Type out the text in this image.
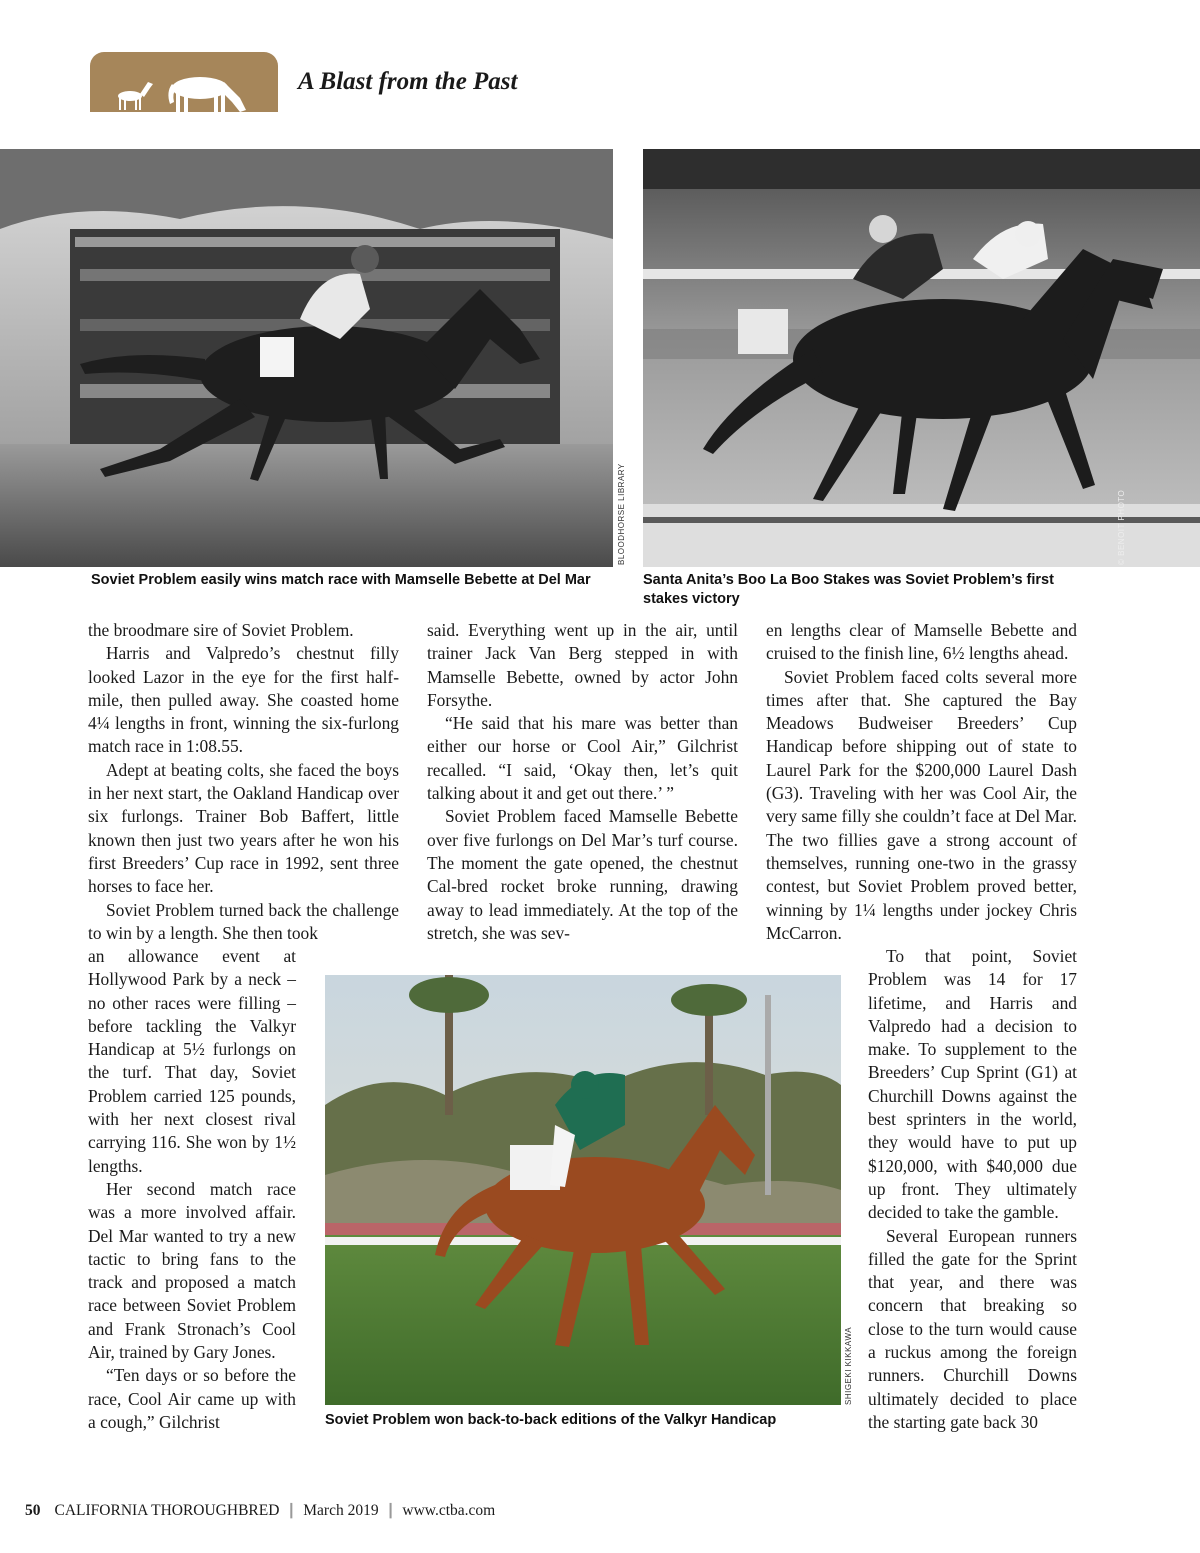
A Blast from the Past
BLOODHORSE LIBRARY
Soviet Problem easily wins match race with Mamselle Bebette at Del Mar
© BENOIT PHOTO
Santa Anita’s Boo La Boo Stakes was Soviet Problem’s first stakes victory
SHIGEKI KIKKAWA
Soviet Problem won back-to-back editions of the Valkyr Handicap

the broodmare sire of Soviet Problem.

Harris and Valpredo’s chestnut filly looked Lazor in the eye for the first half-mile, then pulled away. She coasted home 4¼ lengths in front, winning the six-furlong match race in 1:08.55.

Adept at beating colts, she faced the boys in her next start, the Oakland Handicap over six furlongs. Trainer Bob Baffert, little known then just two years after he won his first Breeders’ Cup race in 1992, sent three horses to face her.

Soviet Problem turned back the challenge to win by a length. She then took

an allowance event at Hollywood Park by a neck – no other races were filling – before tackling the Valkyr Handicap at 5½ furlongs on the turf. That day, Soviet Problem carried 125 pounds, with her next closest rival carrying 116. She won by 1½ lengths.

Her second match race was a more involved affair. Del Mar wanted to try a new tactic to bring fans to the track and proposed a match race between Soviet Problem and Frank Stronach’s Cool Air, trained by Gary Jones.

“Ten days or so before the race, Cool Air came up with a cough,” Gilchrist

said. Everything went up in the air, until trainer Jack Van Berg stepped in with Mamselle Bebette, owned by actor John Forsythe.

“He said that his mare was better than either our horse or Cool Air,” Gilchrist recalled. “I said, ‘Okay then, let’s quit talking about it and get out there.’ ”

Soviet Problem faced Mamselle Bebette over five furlongs on Del Mar’s turf course. The moment the gate opened, the chestnut Cal-bred rocket broke running, drawing away to lead immediately. At the top of the stretch, she was sev-

en lengths clear of Mamselle Bebette and cruised to the finish line, 6½ lengths ahead.

Soviet Problem faced colts several more times after that. She captured the Bay Meadows Budweiser Breeders’ Cup Handicap before shipping out of state to Laurel Park for the $200,000 Laurel Dash (G3). Traveling with her was Cool Air, the very same filly she couldn’t face at Del Mar. The two fillies gave a strong account of themselves, running one-two in the grassy contest, but Soviet Problem proved better, winning by 1¼ lengths under jockey Chris McCarron.

To that point, Soviet Problem was 14 for 17 lifetime, and Harris and Valpredo had a decision to make. To supplement to the Breeders’ Cup Sprint (G1) at Churchill Downs against the best sprinters in the world, they would have to put up $120,000, with $40,000 due up front. They ultimately decided to take the gamble.

Several European runners filled the gate for the Sprint that year, and there was concern that breaking so close to the turn would cause a ruckus among the foreign runners. Churchill Downs ultimately decided to place the starting gate back 30

50 CALIFORNIA THOROUGHBRED ┃ March 2019 ┃ www.ctba.com
